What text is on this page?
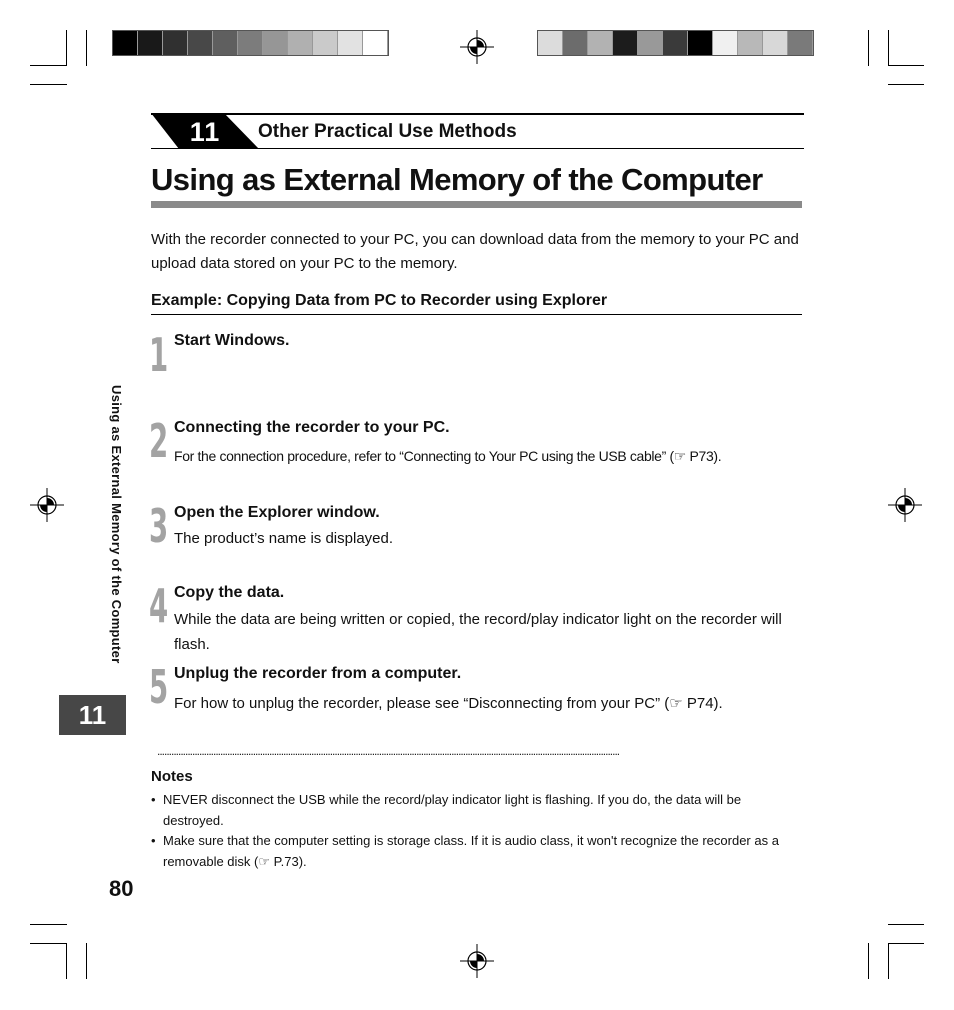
11	Other Practical Use Methods
Using as External Memory of the Computer
With the recorder connected to your PC, you can download data from the memory to your PC and upload data stored on your PC to the memory.
Example: Copying Data from PC to Recorder using Explorer
1 Start Windows.
2 Connecting the recorder to your PC.
For the connection procedure, refer to “Connecting to Your PC using the USB cable” (☞ P73).
3 Open the Explorer window.
The product’s name is displayed.
4 Copy the data.
While the data are being written or copied, the record/play indicator light on the recorder will flash.
5 Unplug the recorder from a computer.
For how to unplug the recorder, please see “Disconnecting from your PC” (☞ P74).
Using as External Memory of the Computer
11
......................................................................................................................................................................................................
Notes
• NEVER disconnect the USB while the record/play indicator light is flashing. If you do, the data will be destroyed.
• Make sure that the computer setting is storage class. If it is audio class, it won't recognize the recorder as a removable disk (☞ P.73).
80
